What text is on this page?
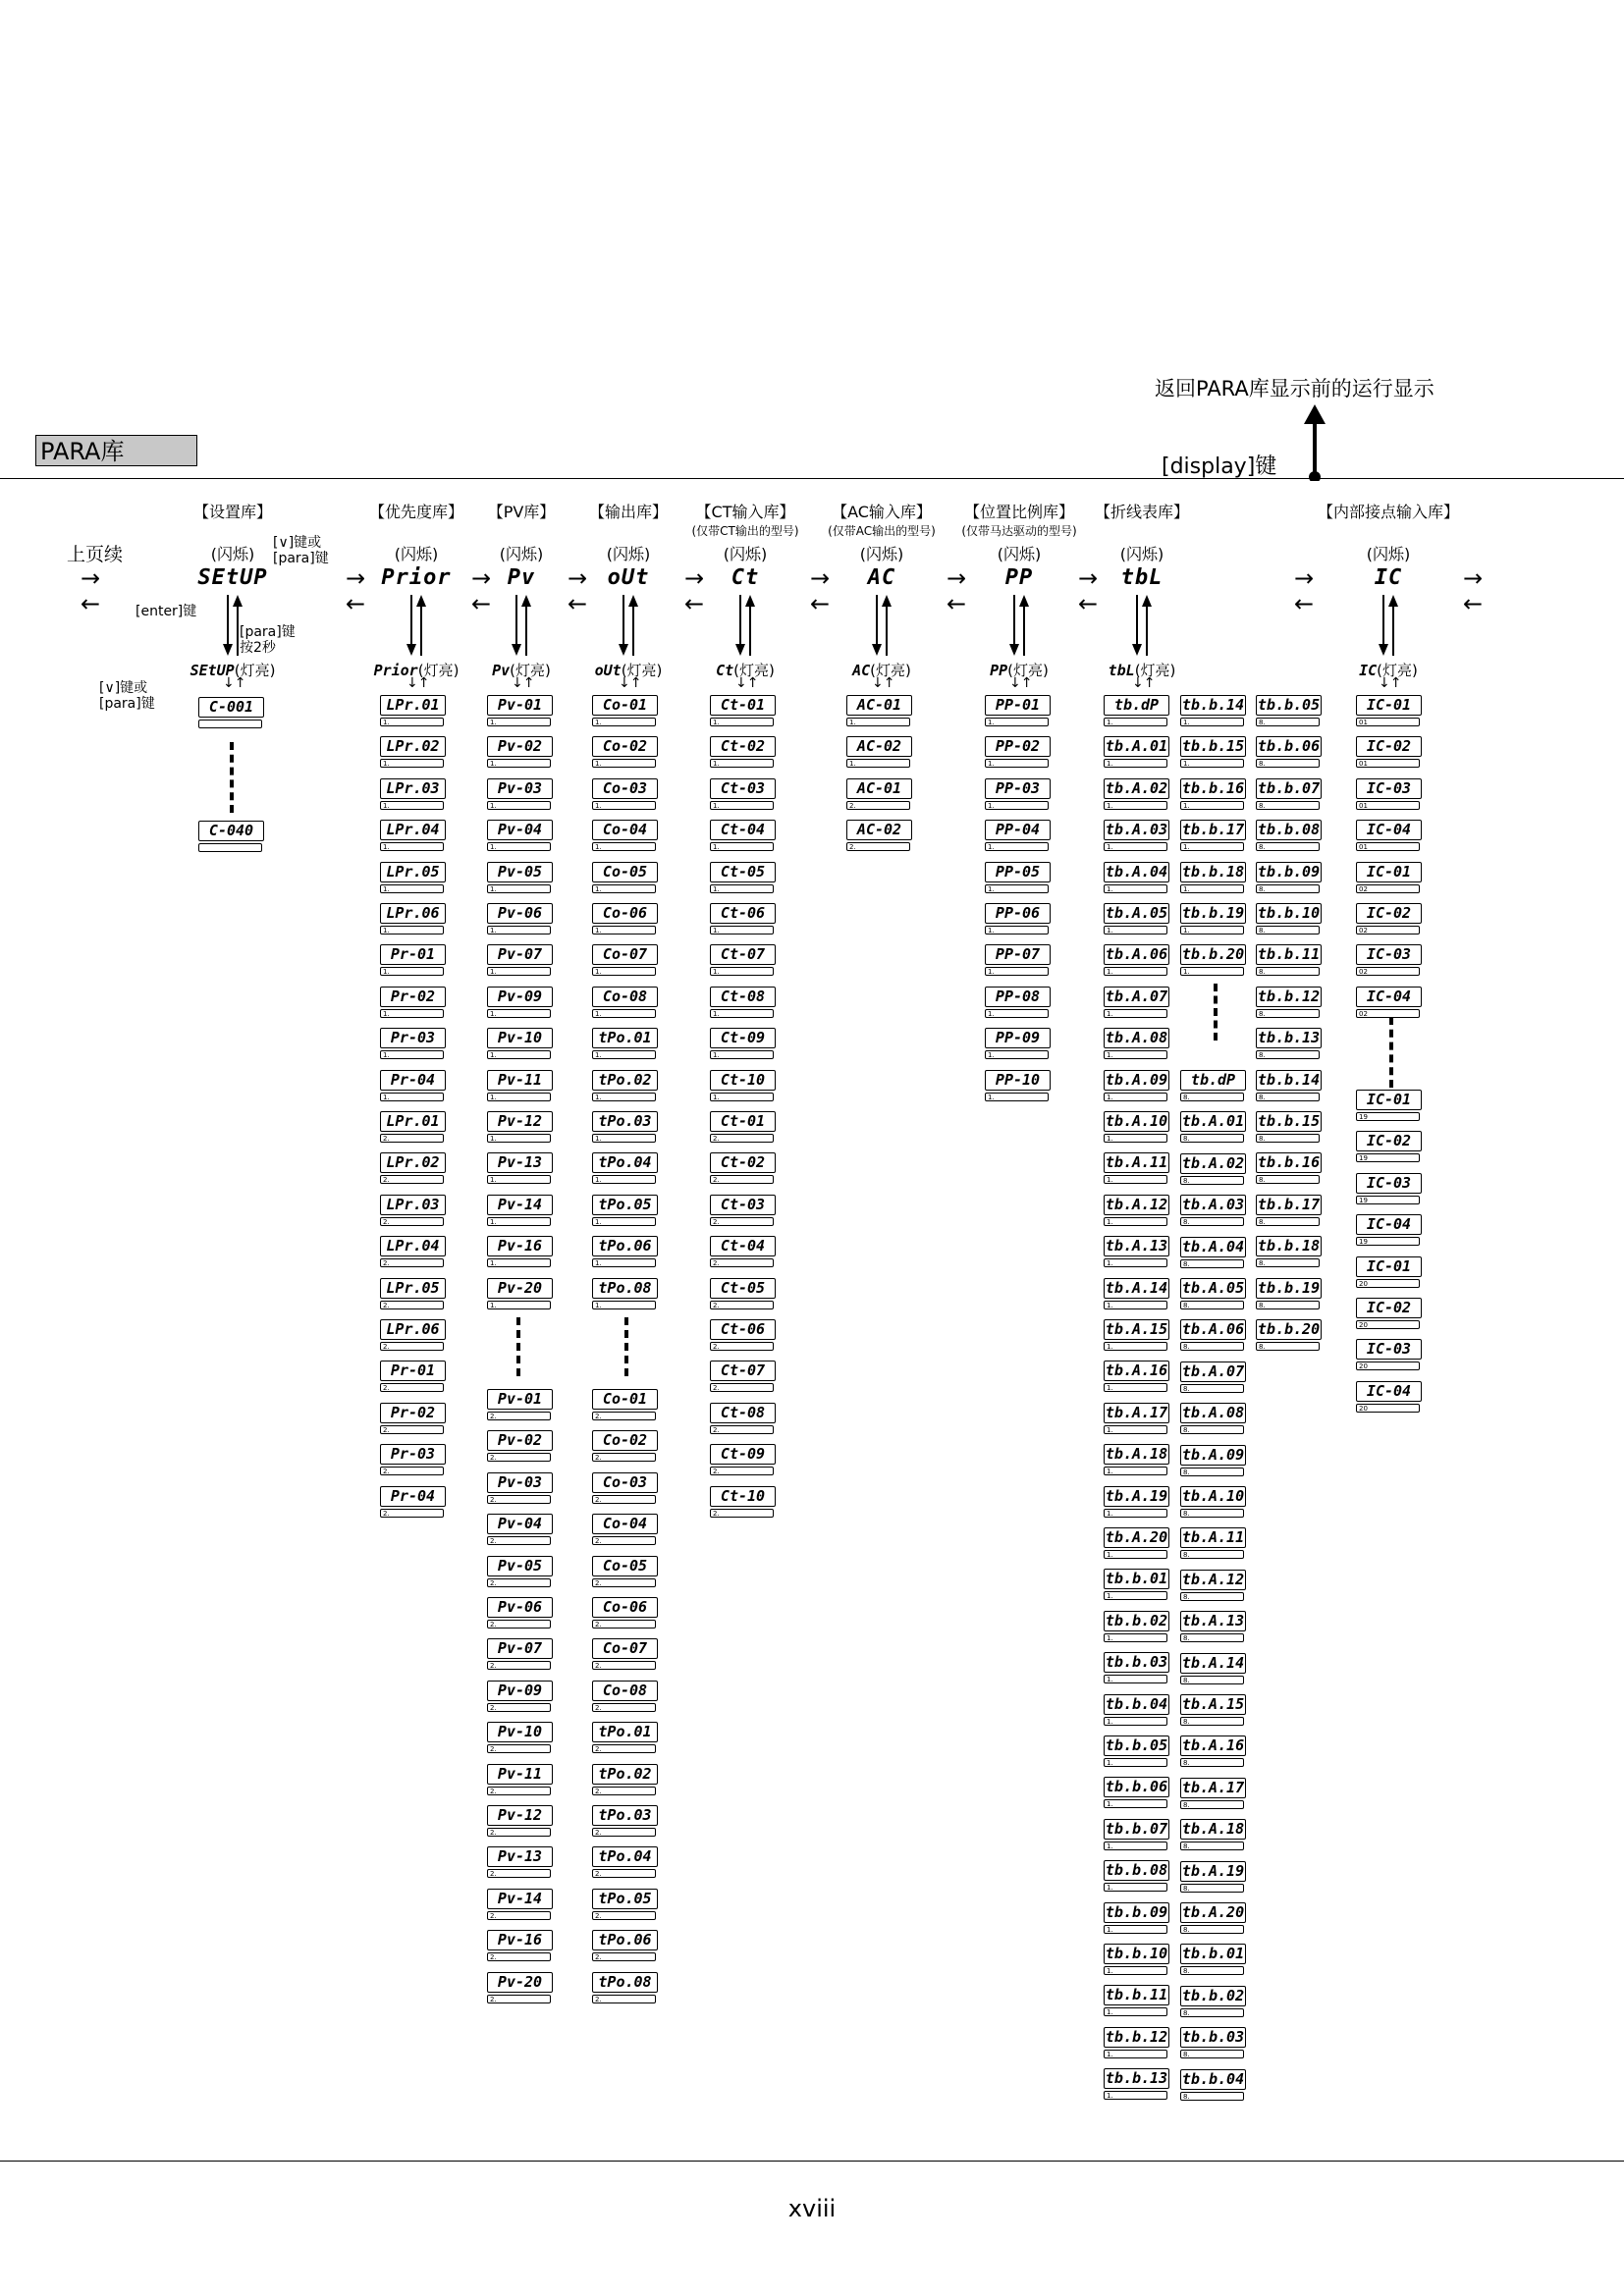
返回PARA库显示前的运行显示
[display]键
PARA库
【设置库】
(闪烁)
SEtUP
SEtUP(灯亮)
↓↑
【优先度库】
(闪烁)
Prior
Prior(灯亮)
↓↑
【PV库】
(闪烁)
Pv
Pv(灯亮)
↓↑
【输出库】
(闪烁)
oUt
oUt(灯亮)
↓↑
【CT输入库】
(仅带CT输出的型号)
(闪烁)
Ct
Ct(灯亮)
↓↑
【AC输入库】
(仅带AC输出的型号)
(闪烁)
AC
AC(灯亮)
↓↑
【位置比例库】
(仅带马达驱动的型号)
(闪烁)
PP
PP(灯亮)
↓↑
【折线表库】
(闪烁)
tbL
tbL(灯亮)
↓↑
【内部接点输入库】
(闪烁)
IC
IC(灯亮)
↓↑
上页续
→
←
[∨]键或
[para]键
[enter]键
[para]键
按2秒
[∨]键或
[para]键
→
←
→
←
→
←
→
←
→
←
→
←
→
←
→
←
→
←
C-001
C-040
LPr.01
1.
LPr.02
1.
LPr.03
1.
LPr.04
1.
LPr.05
1.
LPr.06
1.
Pr-01
1.
Pr-02
1.
Pr-03
1.
Pr-04
1.
LPr.01
2.
LPr.02
2.
LPr.03
2.
LPr.04
2.
LPr.05
2.
LPr.06
2.
Pr-01
2.
Pr-02
2.
Pr-03
2.
Pr-04
2.
Pv-01
1.
Pv-02
1.
Pv-03
1.
Pv-04
1.
Pv-05
1.
Pv-06
1.
Pv-07
1.
Pv-09
1.
Pv-10
1.
Pv-11
1.
Pv-12
1.
Pv-13
1.
Pv-14
1.
Pv-16
1.
Pv-20
1.
Pv-01
2.
Pv-02
2.
Pv-03
2.
Pv-04
2.
Pv-05
2.
Pv-06
2.
Pv-07
2.
Pv-09
2.
Pv-10
2.
Pv-11
2.
Pv-12
2.
Pv-13
2.
Pv-14
2.
Pv-16
2.
Pv-20
2.
Co-01
1.
Co-02
1.
Co-03
1.
Co-04
1.
Co-05
1.
Co-06
1.
Co-07
1.
Co-08
1.
tPo.01
1.
tPo.02
1.
tPo.03
1.
tPo.04
1.
tPo.05
1.
tPo.06
1.
tPo.08
1.
Co-01
2.
Co-02
2.
Co-03
2.
Co-04
2.
Co-05
2.
Co-06
2.
Co-07
2.
Co-08
2.
tPo.01
2.
tPo.02
2.
tPo.03
2.
tPo.04
2.
tPo.05
2.
tPo.06
2.
tPo.08
2.
Ct-01
1.
Ct-02
1.
Ct-03
1.
Ct-04
1.
Ct-05
1.
Ct-06
1.
Ct-07
1.
Ct-08
1.
Ct-09
1.
Ct-10
1.
Ct-01
2.
Ct-02
2.
Ct-03
2.
Ct-04
2.
Ct-05
2.
Ct-06
2.
Ct-07
2.
Ct-08
2.
Ct-09
2.
Ct-10
2.
AC-01
1.
AC-02
1.
AC-01
2.
AC-02
2.
PP-01
1.
PP-02
1.
PP-03
1.
PP-04
1.
PP-05
1.
PP-06
1.
PP-07
1.
PP-08
1.
PP-09
1.
PP-10
1.
tb.dP
1.
tb.A.01
1.
tb.A.02
1.
tb.A.03
1.
tb.A.04
1.
tb.A.05
1.
tb.A.06
1.
tb.A.07
1.
tb.A.08
1.
tb.A.09
1.
tb.A.10
1.
tb.A.11
1.
tb.A.12
1.
tb.A.13
1.
tb.A.14
1.
tb.A.15
1.
tb.A.16
1.
tb.A.17
1.
tb.A.18
1.
tb.A.19
1.
tb.A.20
1.
tb.b.01
1.
tb.b.02
1.
tb.b.03
1.
tb.b.04
1.
tb.b.05
1.
tb.b.06
1.
tb.b.07
1.
tb.b.08
1.
tb.b.09
1.
tb.b.10
1.
tb.b.11
1.
tb.b.12
1.
tb.b.13
1.
tb.b.14
1.
tb.b.15
1.
tb.b.16
1.
tb.b.17
1.
tb.b.18
1.
tb.b.19
1.
tb.b.20
1.
tb.dP
8.
tb.A.01
8.
tb.A.02
8.
tb.A.03
8.
tb.A.04
8.
tb.A.05
8.
tb.A.06
8.
tb.A.07
8.
tb.A.08
8.
tb.A.09
8.
tb.A.10
8.
tb.A.11
8.
tb.A.12
8.
tb.A.13
8.
tb.A.14
8.
tb.A.15
8.
tb.A.16
8.
tb.A.17
8.
tb.A.18
8.
tb.A.19
8.
tb.A.20
8.
tb.b.01
8.
tb.b.02
8.
tb.b.03
8.
tb.b.04
8.
tb.b.05
8.
tb.b.06
8.
tb.b.07
8.
tb.b.08
8.
tb.b.09
8.
tb.b.10
8.
tb.b.11
8.
tb.b.12
8.
tb.b.13
8.
tb.b.14
8.
tb.b.15
8.
tb.b.16
8.
tb.b.17
8.
tb.b.18
8.
tb.b.19
8.
tb.b.20
8.
IC-01
01
IC-02
01
IC-03
01
IC-04
01
IC-01
02
IC-02
02
IC-03
02
IC-04
02
IC-01
19
IC-02
19
IC-03
19
IC-04
19
IC-01
20
IC-02
20
IC-03
20
IC-04
20
xviii
